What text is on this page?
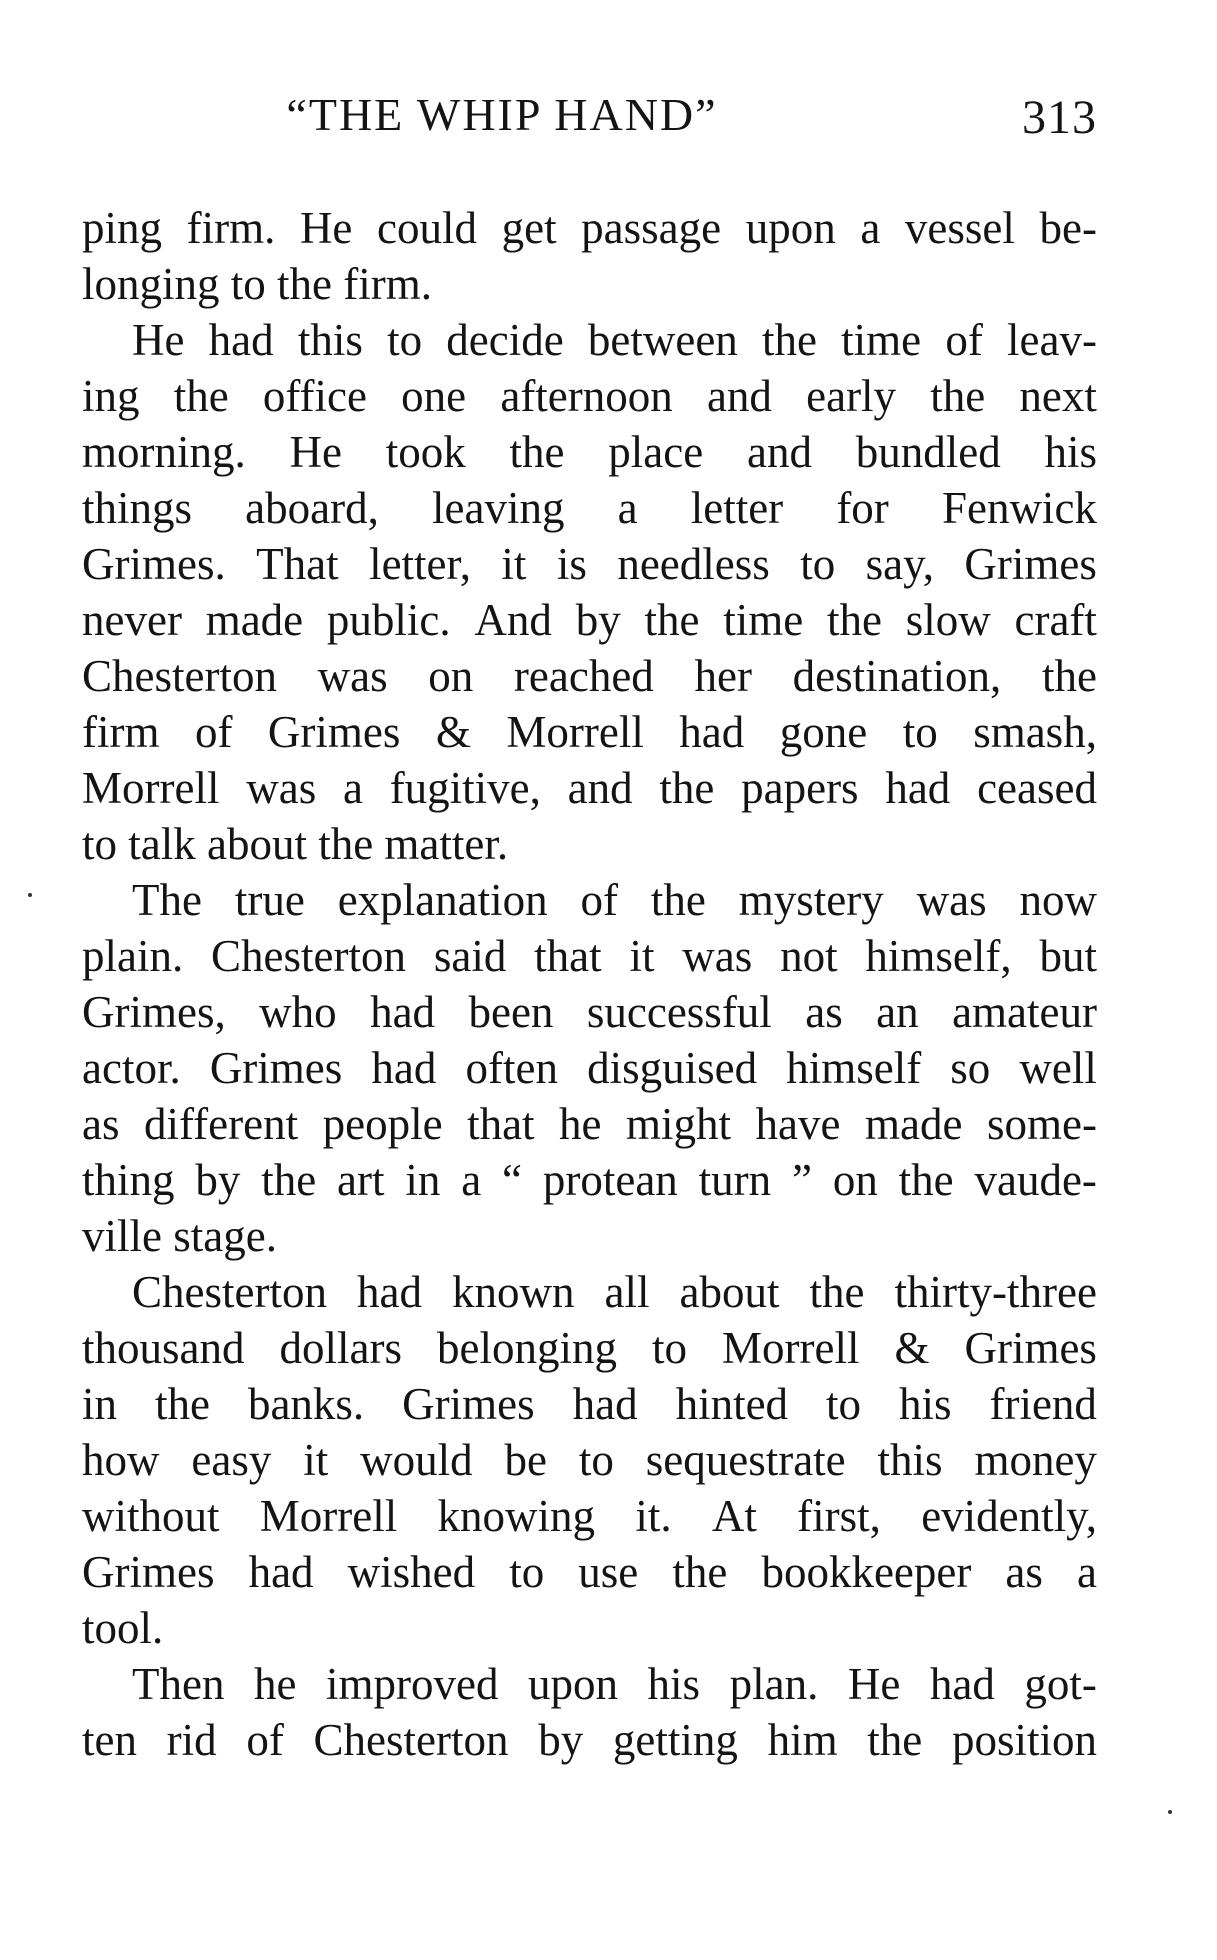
“THE WHIP HAND”	313
ping firm. He could get passage upon a vessel be-
longing to the firm.
He had this to decide between the time of leav-
ing the office one afternoon and early the next
morning. He took the place and bundled his
things aboard, leaving a letter for Fenwick
Grimes. That letter, it is needless to say, Grimes
never made public. And by the time the slow craft
Chesterton was on reached her destination, the
firm of Grimes & Morrell had gone to smash,
Morrell was a fugitive, and the papers had ceased
to talk about the matter.
The true explanation of the mystery was now
plain. Chesterton said that it was not himself, but
Grimes, who had been successful as an amateur
actor. Grimes had often disguised himself so well
as different people that he might have made some-
thing by the art in a “ protean turn ” on the vaude-
ville stage.
Chesterton had known all about the thirty-three
thousand dollars belonging to Morrell & Grimes
in the banks. Grimes had hinted to his friend
how easy it would be to sequestrate this money
without Morrell knowing it. At first, evidently,
Grimes had wished to use the bookkeeper as a
tool.
Then he improved upon his plan. He had got-
ten rid of Chesterton by getting him the position
